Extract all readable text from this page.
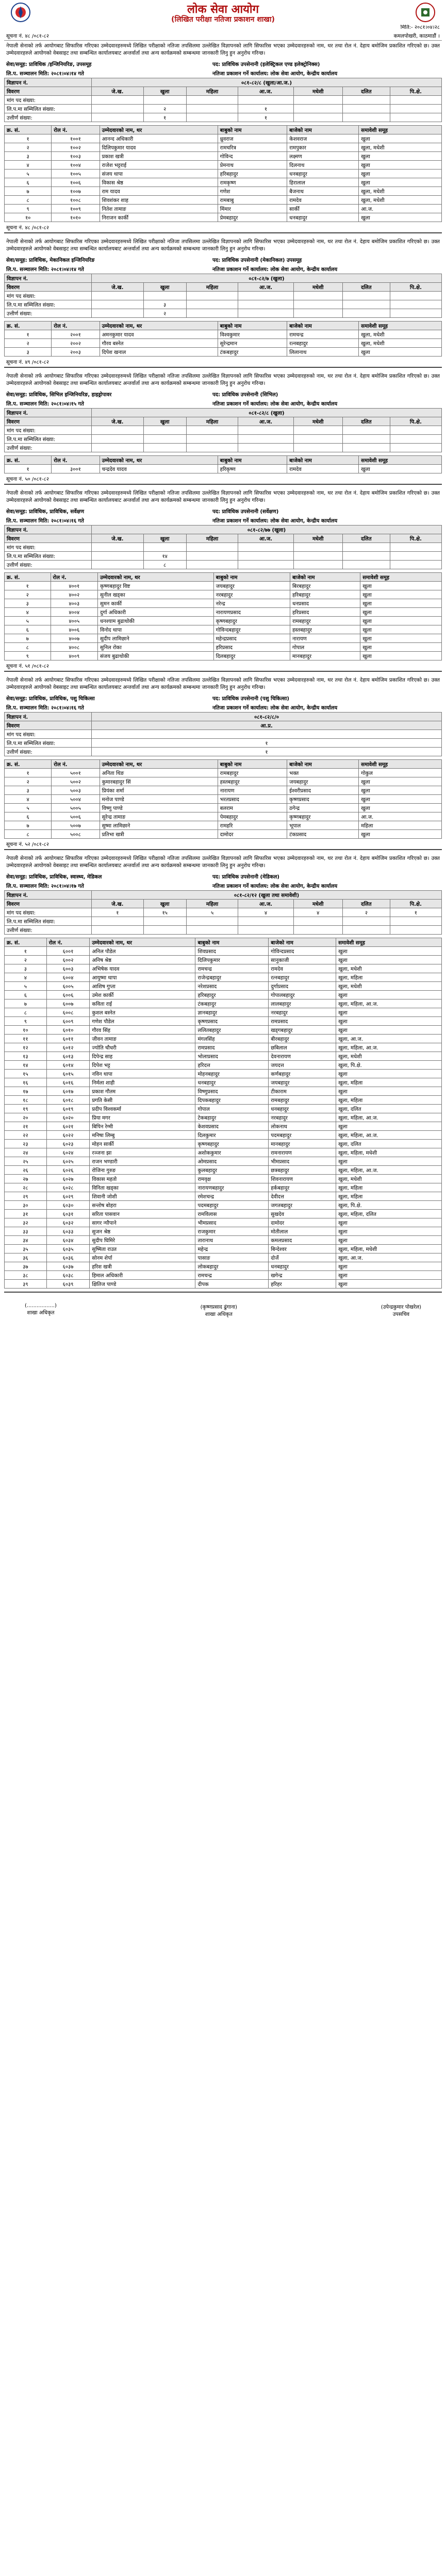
लोक सेवा आयोग
(लिखित परीक्षा नतिजा प्रकाशन शाखा)
मिति:- २०८१।०४।२८
सूचना नं. ४८ /०८१-८२	कमलपोखरी, काठमाडौं ।
नेपाली सेनाको तर्फ आयोगबाट सिफारिस गरिएका उम्मेदवारहरुमध्ये लिखित परीक्षाको नतिजा तपसिलमा उल्लेखित विज्ञापनको लागि सिफारिस भएका उम्मेदवारहरुको नाम, थर तथा रोल नं. देहाय बमोजिम प्रकाशित गरिएको छ। उक्त उम्मेदवारहरुले आयोगको वेबसाइट तथा सम्बन्धित कार्यालयबाट अन्तर्वार्ता तथा अन्य कार्यक्रमको सम्बन्धमा जानकारी लिनु हुन अनुरोध गरिन्छ।
सेवा/समूह: प्राविधिक /इन्जिनियरिङ, उपसमूह	पद: प्राविधिक उपसेनानी (इलेक्ट्रिकल एण्ड इलेक्ट्रोनिक्स)
लि.प. सञ्चालन मिति: २०८१।०४।१४ गते	नतिजा प्रकाशन गर्ने कार्यालय: लोक सेवा आयोग, केन्द्रीय कार्यालय
विज्ञापन नं.	०८१-८२/८ (खुला/आ.ज.)						
विवरण	जे.ख.	खुला	महिला	आ.ज.	मधेशी	दलित	पि.क्षे.
मांग पद संख्या:							
लि.प.मा सम्मिलित संख्या:		२		१			
उत्तीर्ण संख्या:		१		१			
क्र. सं.	रोल नं.	उम्मेदवारको नाम, थर	बाबुको नाम	बाजेको नाम	समावेशी समूह
१	१००१	आनन्द अधिकारी	ध्रुवराज	केशवराज	खुला
२	१००२	दिलिपकुमार यादव	रामचरित्र	रामपुकार	खुला, मधेशी
३	१००३	प्रकाश खत्री	गोविन्द	लक्ष्मण	खुला
४	१००४	राजेश भट्टराई	प्रेमनाथ	दिलनाथ	खुला
५	१००५	संजय थापा	हरिबहादुर	धनबहादुर	खुला
६	१००६	विकास श्रेष्ठ	रामकृष्ण	हिरालाल	खुला
७	१००७	राम यादव	गणेश	बैजनाथ	खुला, मधेशी
८	१००८	शिवशंकर शाह	रामबाबु	रामदेव	खुला, मधेशी
९	१००९	नितेश तामाङ	मिंमार	सार्की	आ.ज.
१०	१०१०	निराजन कार्की	प्रेमबहादुर	धनबहादुर	खुला
सूचना नं. ४८ /०८१-८२
नेपाली सेनाको तर्फ आयोगबाट सिफारिस गरिएका उम्मेदवारहरुमध्ये लिखित परीक्षाको नतिजा तपसिलमा उल्लेखित विज्ञापनको लागि सिफारिस भएका उम्मेदवारहरुको नाम, थर तथा रोल नं. देहाय बमोजिम प्रकाशित गरिएको छ। उक्त उम्मेदवारहरुले आयोगको वेबसाइट तथा सम्बन्धित कार्यालयबाट अन्तर्वार्ता तथा अन्य कार्यक्रमको सम्बन्धमा जानकारी लिनु हुन अनुरोध गरिन्छ।
सेवा/समूह: प्राविधिक, मेकानिकल इन्जिनियरिङ	पद: प्राविधिक उपसेनानी (मेकानिकल) उपसमूह
लि.प. सञ्चालन मिति: २०८१।०४।१४ गते	नतिजा प्रकाशन गर्ने कार्यालय: लोक सेवा आयोग, केन्द्रीय कार्यालय
विज्ञापन नं.	०८१-८२/७ (खुला)						
विवरण	जे.ख.	खुला	महिला	आ.ज.	मधेशी	दलित	पि.क्षे.
मांग पद संख्या:							
लि.प.मा सम्मिलित संख्या:		३					
उत्तीर्ण संख्या:		२					
क्र. सं.	रोल नं.	उम्मेदवारको नाम, थर	बाबुको नाम	बाजेको नाम	समावेशी समूह
१	२००१	अमनकुमार यादव	विश्वकुमार	रामचन्द्र	खुला, मधेशी
२	२००२	गौरव बस्नेत	सुरेन्द्रमान	रत्नबहादुर	खुला, मधेशी
३	२००३	दिपेश खनाल	टंकबहादुर	लिलानाथ	खुला
सूचना नं. ४९ /०८१-८२
नेपाली सेनाको तर्फ आयोगबाट सिफारिस गरिएका उम्मेदवारहरुमध्ये लिखित परीक्षाको नतिजा तपसिलमा उल्लेखित विज्ञापनको लागि सिफारिस भएका उम्मेदवारहरुको नाम, थर तथा रोल नं. देहाय बमोजिम प्रकाशित गरिएको छ। उक्त उम्मेदवारहरुले आयोगको वेबसाइट तथा सम्बन्धित कार्यालयबाट अन्तर्वार्ता तथा अन्य कार्यक्रमको सम्बन्धमा जानकारी लिनु हुन अनुरोध गरिन्छ।
सेवा/समूह: प्राविधिक, सिभिल इन्जिनियरिङ, हाइड्रोपावर	पद: प्राविधिक उपसेनानी (सिभिल)
लि.प. सञ्चालन मिति: २०८१।०४।१५ गते	नतिजा प्रकाशन गर्ने कार्यालय: लोक सेवा आयोग, केन्द्रीय कार्यालय
विज्ञापन नं.	०८१-८२/८ (खुला)						
विवरण	जे.ख.	खुला	महिला	आ.ज.	मधेशी	दलित	पि.क्षे.
मांग पद संख्या:							
लि.प.मा सम्मिलित संख्या:							
उत्तीर्ण संख्या:							
क्र. सं.	रोल नं.	उम्मेदवारको नाम, थर	बाबुको नाम	बाजेको नाम	समावेशी समूह
१	३००१	चन्द्रदेव यादव	हरिकृष्ण	रामदेव	खुला
सूचना नं. ५० /०८१-८२
नेपाली सेनाको तर्फ आयोगबाट सिफारिस गरिएका उम्मेदवारहरुमध्ये लिखित परीक्षाको नतिजा तपसिलमा उल्लेखित विज्ञापनको लागि सिफारिस भएका उम्मेदवारहरुको नाम, थर तथा रोल नं. देहाय बमोजिम प्रकाशित गरिएको छ। उक्त उम्मेदवारहरुले आयोगको वेबसाइट तथा सम्बन्धित कार्यालयबाट अन्तर्वार्ता तथा अन्य कार्यक्रमको सम्बन्धमा जानकारी लिनु हुन अनुरोध गरिन्छ।
सेवा/समूह: प्राविधिक, प्राविधिक, सर्वेक्षण	पद: प्राविधिक उपसेनानी (सर्वेक्षण)
लि.प. सञ्चालन मिति: २०८१।०४।१६ गते	नतिजा प्रकाशन गर्ने कार्यालय: लोक सेवा आयोग, केन्द्रीय कार्यालय
विज्ञापन नं.	०८१-८२/७७ (खुला)						
विवरण	जे.ख.	खुला	महिला	आ.ज.	मधेशी	दलित	पि.क्षे.
मांग पद संख्या:							
लि.प.मा सम्मिलित संख्या:		१४					
उत्तीर्ण संख्या:		८					
क्र. सं.	रोल नं.	उम्मेदवारको नाम, थर	बाबुको नाम	बाजेको नाम	समावेशी समूह
१	४००१	कृष्णबहादुर विष्ट	जयबहादुर	बिरबहादुर	खुला
२	४००२	सुनील खड्का	नरबहादुर	हरिबहादुर	खुला
३	४००३	सुमन कार्की	नरेन्द्र	धनप्रसाद	खुला
४	४००४	दुर्गा अधिकारी	नारायणप्रसाद	हरिप्रसाद	खुला
५	४००५	धनश्याम बुढाथोकी	कृष्णबहादुर	रामबहादुर	खुला
६	४००६	विनोद थापा	गोविन्दबहादुर	हस्तबहादुर	खुला
७	४००७	सुदीप लामिछाने	महेन्द्रप्रसाद	नारायण	खुला
८	४००८	सुनिल रोका	हरिप्रसाद	गोपाल	खुला
९	४००९	संजय बुढाथोकी	दिलबहादुर	मानबहादुर	खुला
सूचना नं. ५१ /०८१-८२
नेपाली सेनाको तर्फ आयोगबाट सिफारिस गरिएका उम्मेदवारहरुमध्ये लिखित परीक्षाको नतिजा तपसिलमा उल्लेखित विज्ञापनको लागि सिफारिस भएका उम्मेदवारहरुको नाम, थर तथा रोल नं. देहाय बमोजिम प्रकाशित गरिएको छ। उक्त उम्मेदवारहरुले आयोगको वेबसाइट तथा सम्बन्धित कार्यालयबाट अन्तर्वार्ता तथा अन्य कार्यक्रमको सम्बन्धमा जानकारी लिनु हुन अनुरोध गरिन्छ।
सेवा/समूह: प्राविधिक, प्राविधिक, पशु चिकित्सा	पद: प्राविधिक उपसेनानी (पशु चिकित्सा)
लि.प. सञ्चालन मिति: २०८१।०४।१६ गते	नतिजा प्रकाशन गर्ने कार्यालय: लोक सेवा आयोग, केन्द्रीय कार्यालय
विज्ञापन नं.	०८१-८२/८/०
विवरण	आ.प्र.
मांग पद संख्या:	
लि.प.मा सम्मिलित संख्या:	१
उत्तीर्ण संख्या:	१
क्र. सं.	रोल नं.	उम्मेदवारको नाम, थर	बाबुको नाम	बाजेको नाम	समावेशी समूह
१	५००१	अनिता थिङ	रामबहादुर	भक्त	गोकुल
२	५००२	कुमारबहादुर सिं	हस्तबहादुर	जयबहादुर	खुला
३	५००३	प्रियंका शर्मा	नारायण	ईश्वरीप्रसाद	खुला
४	५००४	मनोज पाण्डे	भरतप्रसाद	कृष्णप्रसाद	खुला
५	५००५	विष्णु पाण्डे	बलराम	ठगेन्द्र	खुला
६	५००६	सुरेन्द्र तामाङ	पेमबहादुर	कृष्णबहादुर	आ.ज.
७	५००७	सुष्मा लामिछाने	रामहरि	भूपाल	महिला
८	५००८	प्रतिभा खत्री	दामोदर	टंकप्रसाद	खुला
सूचना नं. ५२ /०८१-८२
नेपाली सेनाको तर्फ आयोगबाट सिफारिस गरिएका उम्मेदवारहरुमध्ये लिखित परीक्षाको नतिजा तपसिलमा उल्लेखित विज्ञापनको लागि सिफारिस भएका उम्मेदवारहरुको नाम, थर तथा रोल नं. देहाय बमोजिम प्रकाशित गरिएको छ। उक्त उम्मेदवारहरुले आयोगको वेबसाइट तथा सम्बन्धित कार्यालयबाट अन्तर्वार्ता तथा अन्य कार्यक्रमको सम्बन्धमा जानकारी लिनु हुन अनुरोध गरिन्छ।
सेवा/समूह: प्राविधिक, प्राविधिक, स्वास्थ्य, मेडिकल	पद: प्राविधिक उपसेनानी (मेडिकल)
लि.प. सञ्चालन मिति: २०८१।०४।१७ गते	नतिजा प्रकाशन गर्ने कार्यालय: लोक सेवा आयोग, केन्द्रीय कार्यालय
विज्ञापन नं.	०८१-८२/१२ (खुला तथा समावेशी)						
विवरण	जे.ख.	खुला	महिला	आ.ज.	मधेशी	दलित	पि.क्षे.
मांग पद संख्या:	१	१५	५	४	४	२	१
लि.प.मा सम्मिलित संख्या:							
उत्तीर्ण संख्या:							
क्र. सं.	रोल नं.	उम्मेदवारको नाम, थर	बाबुको नाम	बाजेको नाम	समावेशी समूह
१	६००१	अनिल पौडेल	शिवप्रसाद	गोविन्दप्रसाद	खुला
२	६००२	अनिष श्रेष्ठ	दिलिपकुमार	सानुकाजी	खुला
३	६००३	अभिषेक यादव	रामचन्द्र	रामदेव	खुला, मधेशी
४	६००४	आयुष्मा थापा	राजेन्द्रबहादुर	रत्नबहादुर	खुला, महिला
५	६००५	आशिष गुप्ता	नरेशप्रसाद	दुर्गाप्रसाद	खुला, मधेशी
६	६००६	उमेश कार्की	हरिबहादुर	गोपालबहादुर	खुला
७	६००७	कविता राई	टंकबहादुर	लालबहादुर	खुला, महिला, आ.ज.
८	६००८	कुशल बस्नेत	ज्ञानबहादुर	नरबहादुर	खुला
९	६००९	गणेश पौडेल	कृष्णप्रसाद	रामप्रसाद	खुला
१०	६०१०	गौरव सिंह	ललितबहादुर	खड्गबहादुर	खुला
११	६०११	जीवन तामाङ	मंगलसिंह	बीरबहादुर	खुला, आ.ज.
१२	६०१२	ज्योति चौधरी	रामप्रसाद	छबिलाल	खुला, महिला, आ.ज.
१३	६०१३	दिपेन्द्र साह	भोलाप्रसाद	देवनारायण	खुला, मधेशी
१४	६०१४	दिपेश भट्ट	हरिदत्त	जयदत्त	खुला, पि.क्षे.
१५	६०१५	नविन थापा	मोहनबहादुर	कर्णबहादुर	खुला
१६	६०१६	निर्मला शाही	धनबहादुर	जयबहादुर	खुला, महिला
१७	६०१७	प्रकाश गौतम	विष्णुप्रसाद	टीकाराम	खुला
१८	६०१८	प्रगति केसी	दिपकबहादुर	रामबहादुर	खुला, महिला
१९	६०१९	प्रदीप विश्वकर्मा	गोपाल	धनबहादुर	खुला, दलित
२०	६०२०	प्रिया मगर	टेकबहादुर	नरबहादुर	खुला, महिला, आ.ज.
२१	६०२१	बिपिन रेग्मी	केशवप्रसाद	लोकनाथ	खुला
२२	६०२२	मनिषा लिम्बु	दिलकुमार	पदमबहादुर	खुला, महिला, आ.ज.
२३	६०२३	मोहन सार्की	कृष्णबहादुर	मानबहादुर	खुला, दलित
२४	६०२४	रञ्जना झा	अशोककुमार	रामनारायण	खुला, महिला, मधेशी
२५	६०२५	राजन भण्डारी	ओमप्रसाद	भीमप्रसाद	खुला
२६	६०२६	रोजिना गुरुङ	कुलबहादुर	छत्रबहादुर	खुला, महिला, आ.ज.
२७	६०२७	विकास महतो	रामवृक्ष	शिवनारायण	खुला, मधेशी
२८	६०२८	विनिता खड्का	नारायणबहादुर	हर्कबहादुर	खुला, महिला
२९	६०२९	शिवानी जोशी	रमेशचन्द्र	देवीदत्त	खुला, महिला
३०	६०३०	सन्तोष बोहरा	पदमबहादुर	जगतबहादुर	खुला, पि.क्षे.
३१	६०३१	सरिता पासवान	रामविलास	सुखदेव	खुला, महिला, दलित
३२	६०३२	सागर न्यौपाने	भीमप्रसाद	दामोदर	खुला
३३	६०३३	सुजन श्रेष्ठ	राजकुमार	मोतीलाल	खुला
३४	६०३४	सुदीप घिमिरे	तारानाथ	कमलप्रसाद	खुला
३५	६०३५	सुष्मिता राउत	महेन्द्र	बिन्देश्वर	खुला, महिला, मधेशी
३६	६०३६	सोनम शेर्पा	पासाङ	दोर्जे	खुला, आ.ज.
३७	६०३७	हरिश खत्री	लोकबहादुर	धनबहादुर	खुला
३८	६०३८	हिमाल अधिकारी	रामचन्द्र	खगेन्द्र	खुला
३९	६०३९	क्षितिज पाण्डे	दीपक	हरिहर	खुला
(.................)
शाखा अधिकृत
(कृष्णप्रसाद ढुंगाना)
शाखा अधिकृत
(उपेन्द्रकुमार पोखरेल)
उपसचिव
